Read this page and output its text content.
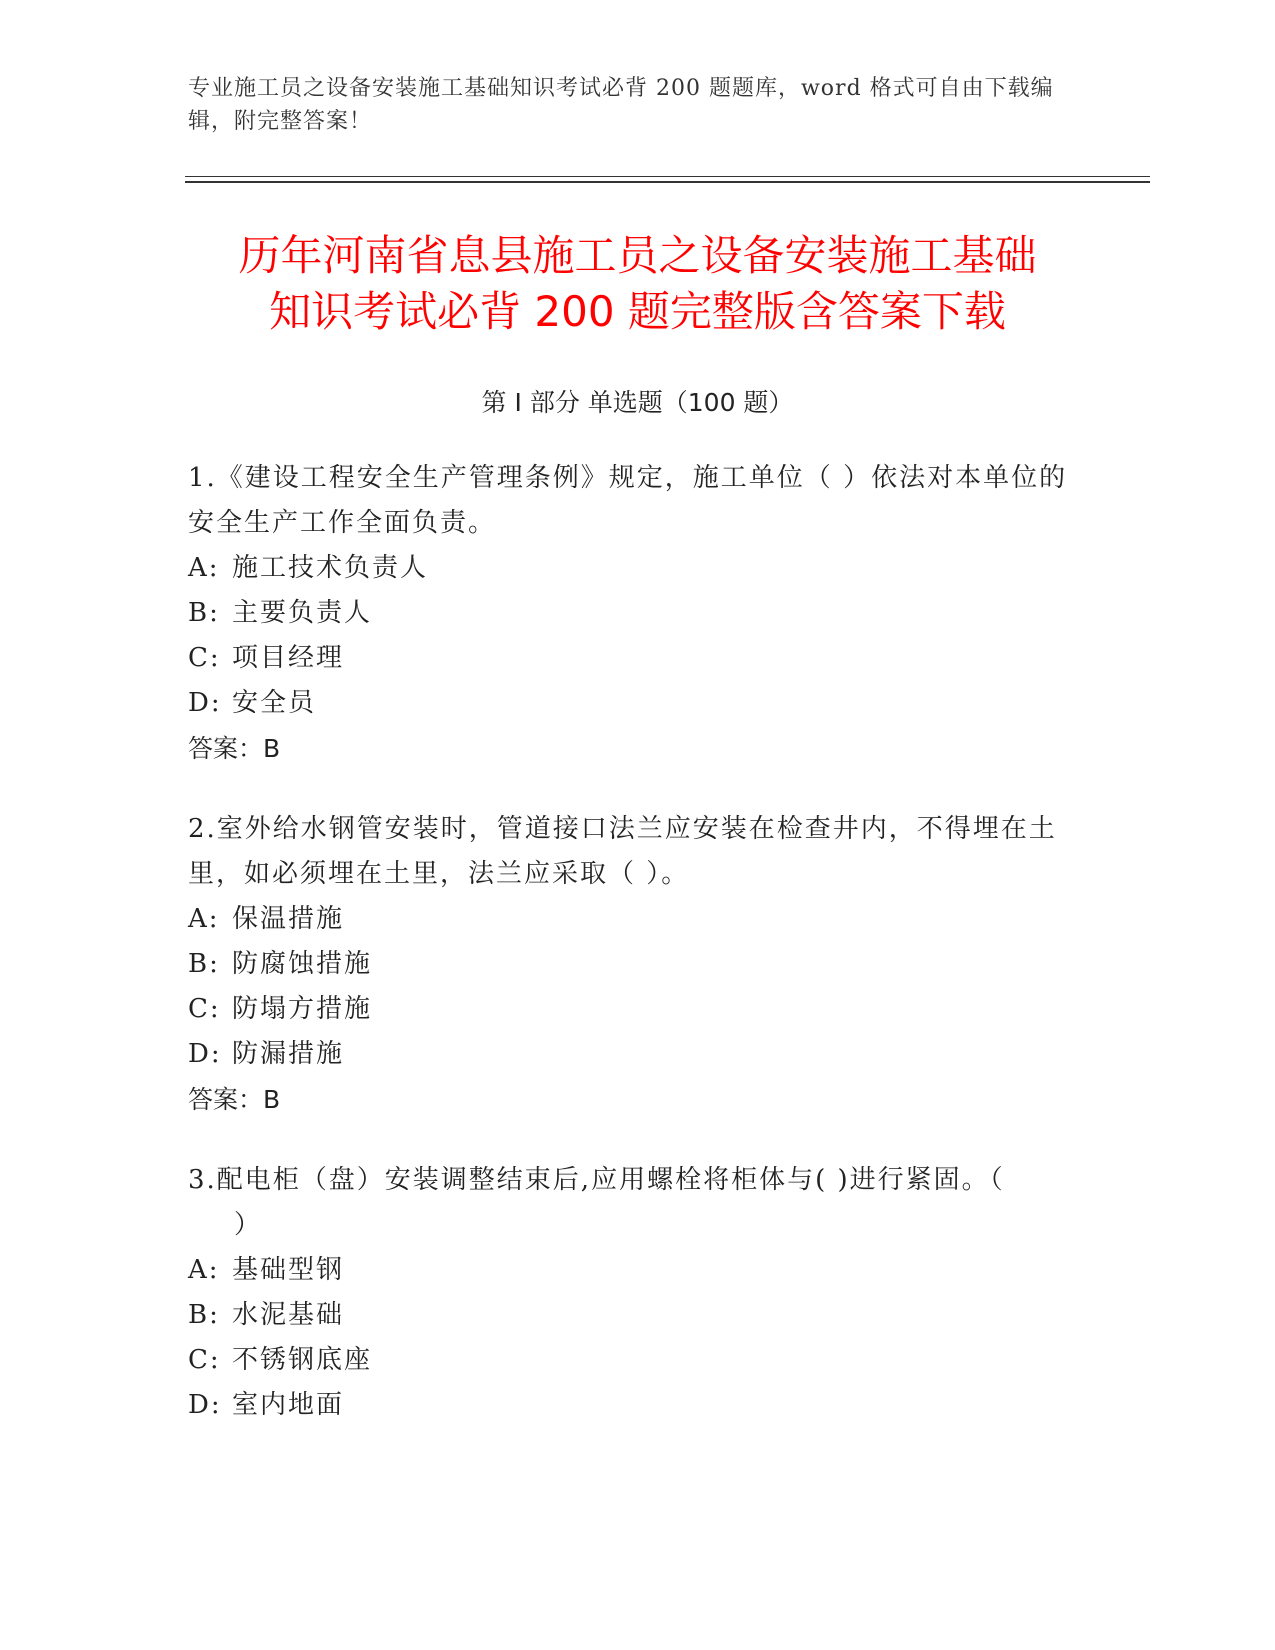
专业施工员之设备安装施工基础知识考试必背 200 题题库，word 格式可自由下载编辑，附完整答案！
历年河南省息县施工员之设备安装施工基础
知识考试必背 200 题完整版含答案下载
第 I 部分 单选题（100 题）
1.《建设工程安全生产管理条例》规定，施工单位（ ）依法对本单位的安全生产工作全面负责。
A: 施工技术负责人
B: 主要负责人
C: 项目经理
D: 安全员
答案：B
2.室外给水钢管安装时，管道接口法兰应安装在检查井内，不得埋在土里，如必须埋在土里，法兰应采取（ ）。
A: 保温措施
B: 防腐蚀措施
C: 防塌方措施
D: 防漏措施
答案：B
3.配电柜（盘）安装调整结束后,应用螺栓将柜体与( )进行紧固。（
）
A: 基础型钢
B: 水泥基础
C: 不锈钢底座
D: 室内地面
